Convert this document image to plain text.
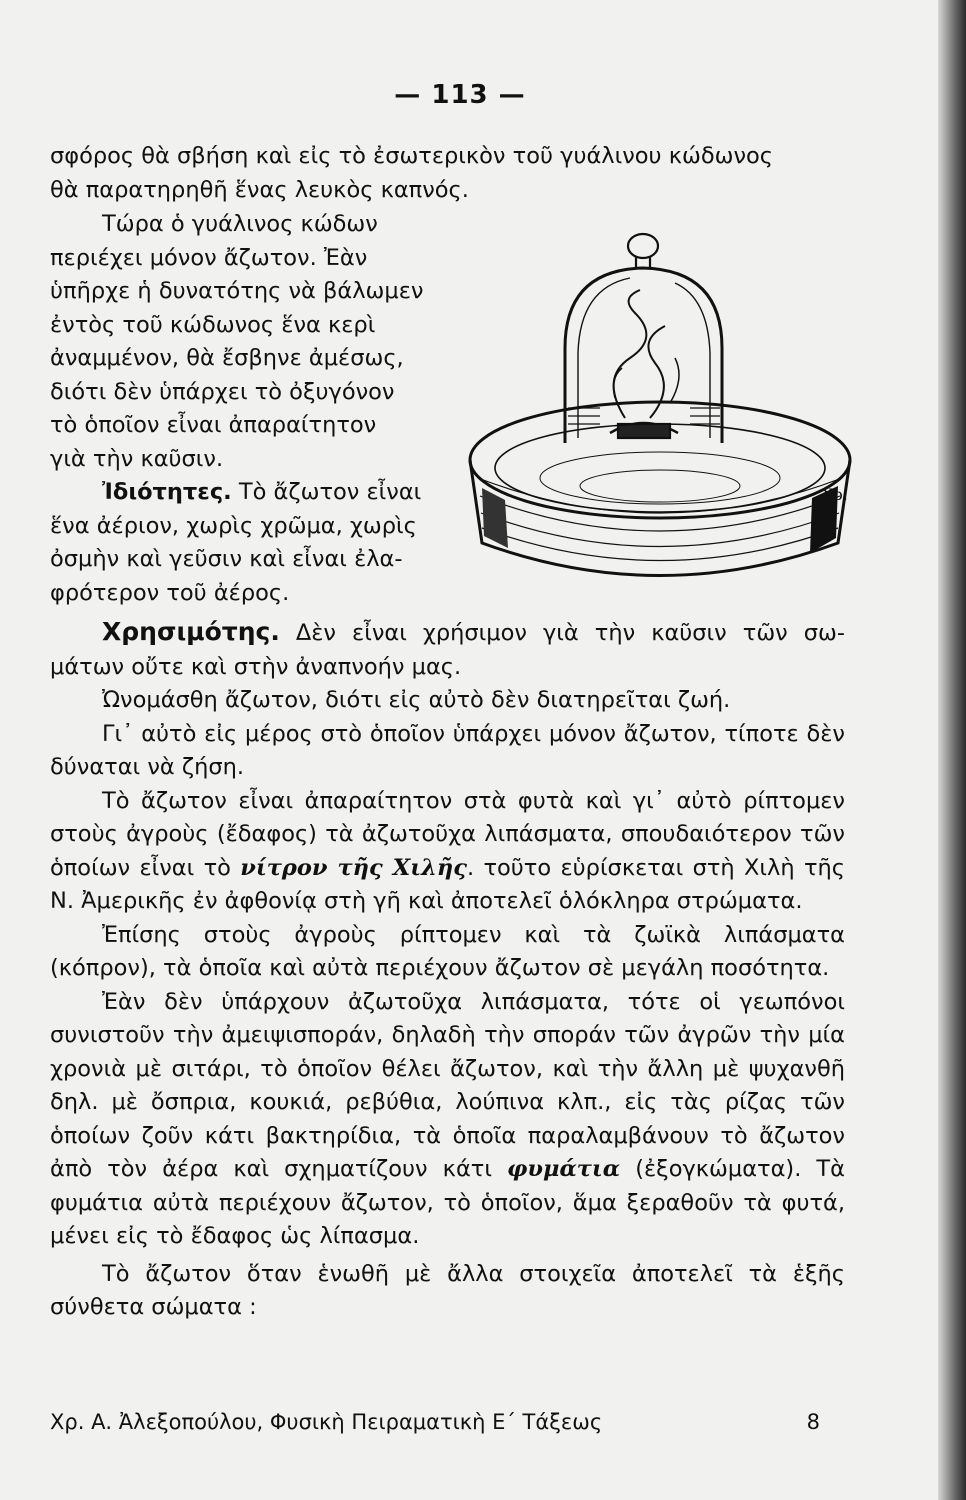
— 113 —
σφόρος θὰ σβήση καὶ εἰς τὸ ἐσωτερικὸν τοῦ γυάλινου κώδωνος
θὰ παρατηρηθῆ ἕνας λευκὸς καπνός.
Τώρα ὁ γυάλινος κώδων
περιέχει μόνον ἄζωτον. Ἐὰν
ὑπῆρχε ἡ δυνατότης νὰ βάλωμεν
ἐντὸς τοῦ κώδωνος ἕνα κερὶ
ἀναμμένον, θὰ ἔσβηνε ἀμέσως,
διότι δὲν ὑπάρχει τὸ ὀξυγόνον
τὸ ὁποῖον εἶναι ἀπαραίτητον
γιὰ τὴν καῦσιν.
Ἰδιότητες. Τὸ ἄζωτον εἶναι
ἕνα ἀέριον, χωρὶς χρῶμα, χωρὶς
ὀσμὴν καὶ γεῦσιν καὶ εἶναι ἐλα-
φρότερον τοῦ ἀέρος.
Χρ.

Χρησιμότης. Δὲν εἶναι χρήσιμον γιὰ τὴν καῦσιν τῶν σω-μάτων οὔτε καὶ στὴν ἀναπνοήν μας.

Ὠνομάσθη ἄζωτον, διότι εἰς αὐτὸ δὲν διατηρεῖται ζωή.

Γι᾿ αὐτὸ εἰς μέρος στὸ ὁποῖον ὑπάρχει μόνον ἄζωτον, τίποτε δὲν δύναται νὰ ζήση.

Τὸ ἄζωτον εἶναι ἀπαραίτητον στὰ φυτὰ καὶ γι᾿ αὐτὸ ρίπτομεν στοὺς ἀγροὺς (ἔδαφος) τὰ ἀζωτοῦχα λιπάσματα, σπουδαιότερον τῶν ὁποίων εἶναι τὸ νίτρον τῆς Χιλῆς. τοῦτο εὑρίσκεται στὴ Χιλὴ τῆς Ν. Ἀμερικῆς ἐν ἀφθονίᾳ στὴ γῆ καὶ ἀποτελεῖ ὁλόκληρα στρώματα.

Ἐπίσης στοὺς ἀγροὺς ρίπτομεν καὶ τὰ ζωϊκὰ λιπάσματα (κόπρον), τὰ ὁποῖα καὶ αὐτὰ περιέχουν ἄζωτον σὲ μεγάλη ποσότητα.

Ἐὰν δὲν ὑπάρχουν ἀζωτοῦχα λιπάσματα, τότε οἱ γεωπόνοι συνιστοῦν τὴν ἀμειψισποράν, δηλαδὴ τὴν σποράν τῶν ἀγρῶν τὴν μία χρονιὰ μὲ σιτάρι, τὸ ὁποῖον θέλει ἄζωτον, καὶ τὴν ἄλλη μὲ ψυχανθῆ δηλ. μὲ ὄσπρια, κουκιά, ρεβύθια, λούπινα κλπ., εἰς τὰς ρίζας τῶν ὁποίων ζοῦν κάτι βακτηρίδια, τὰ ὁποῖα παραλαμβάνουν τὸ ἄζωτον ἀπὸ τὸν ἀέρα καὶ σχηματίζουν κάτι φυμάτια (ἐξογκώματα). Τὰ φυμάτια αὐτὰ περιέχουν ἄζωτον, τὸ ὁποῖον, ἅμα ξεραθοῦν τὰ φυτά, μένει εἰς τὸ ἔδαφος ὡς λίπασμα.

Τὸ ἄζωτον ὅταν ἑνωθῆ μὲ ἄλλα στοιχεῖα ἀποτελεῖ τὰ ἑξῆς σύνθετα σώματα :

Χρ. Α. Ἀλεξοπούλου, Φυσικὴ Πειραματικὴ Ε΄ Τάξεως	8
